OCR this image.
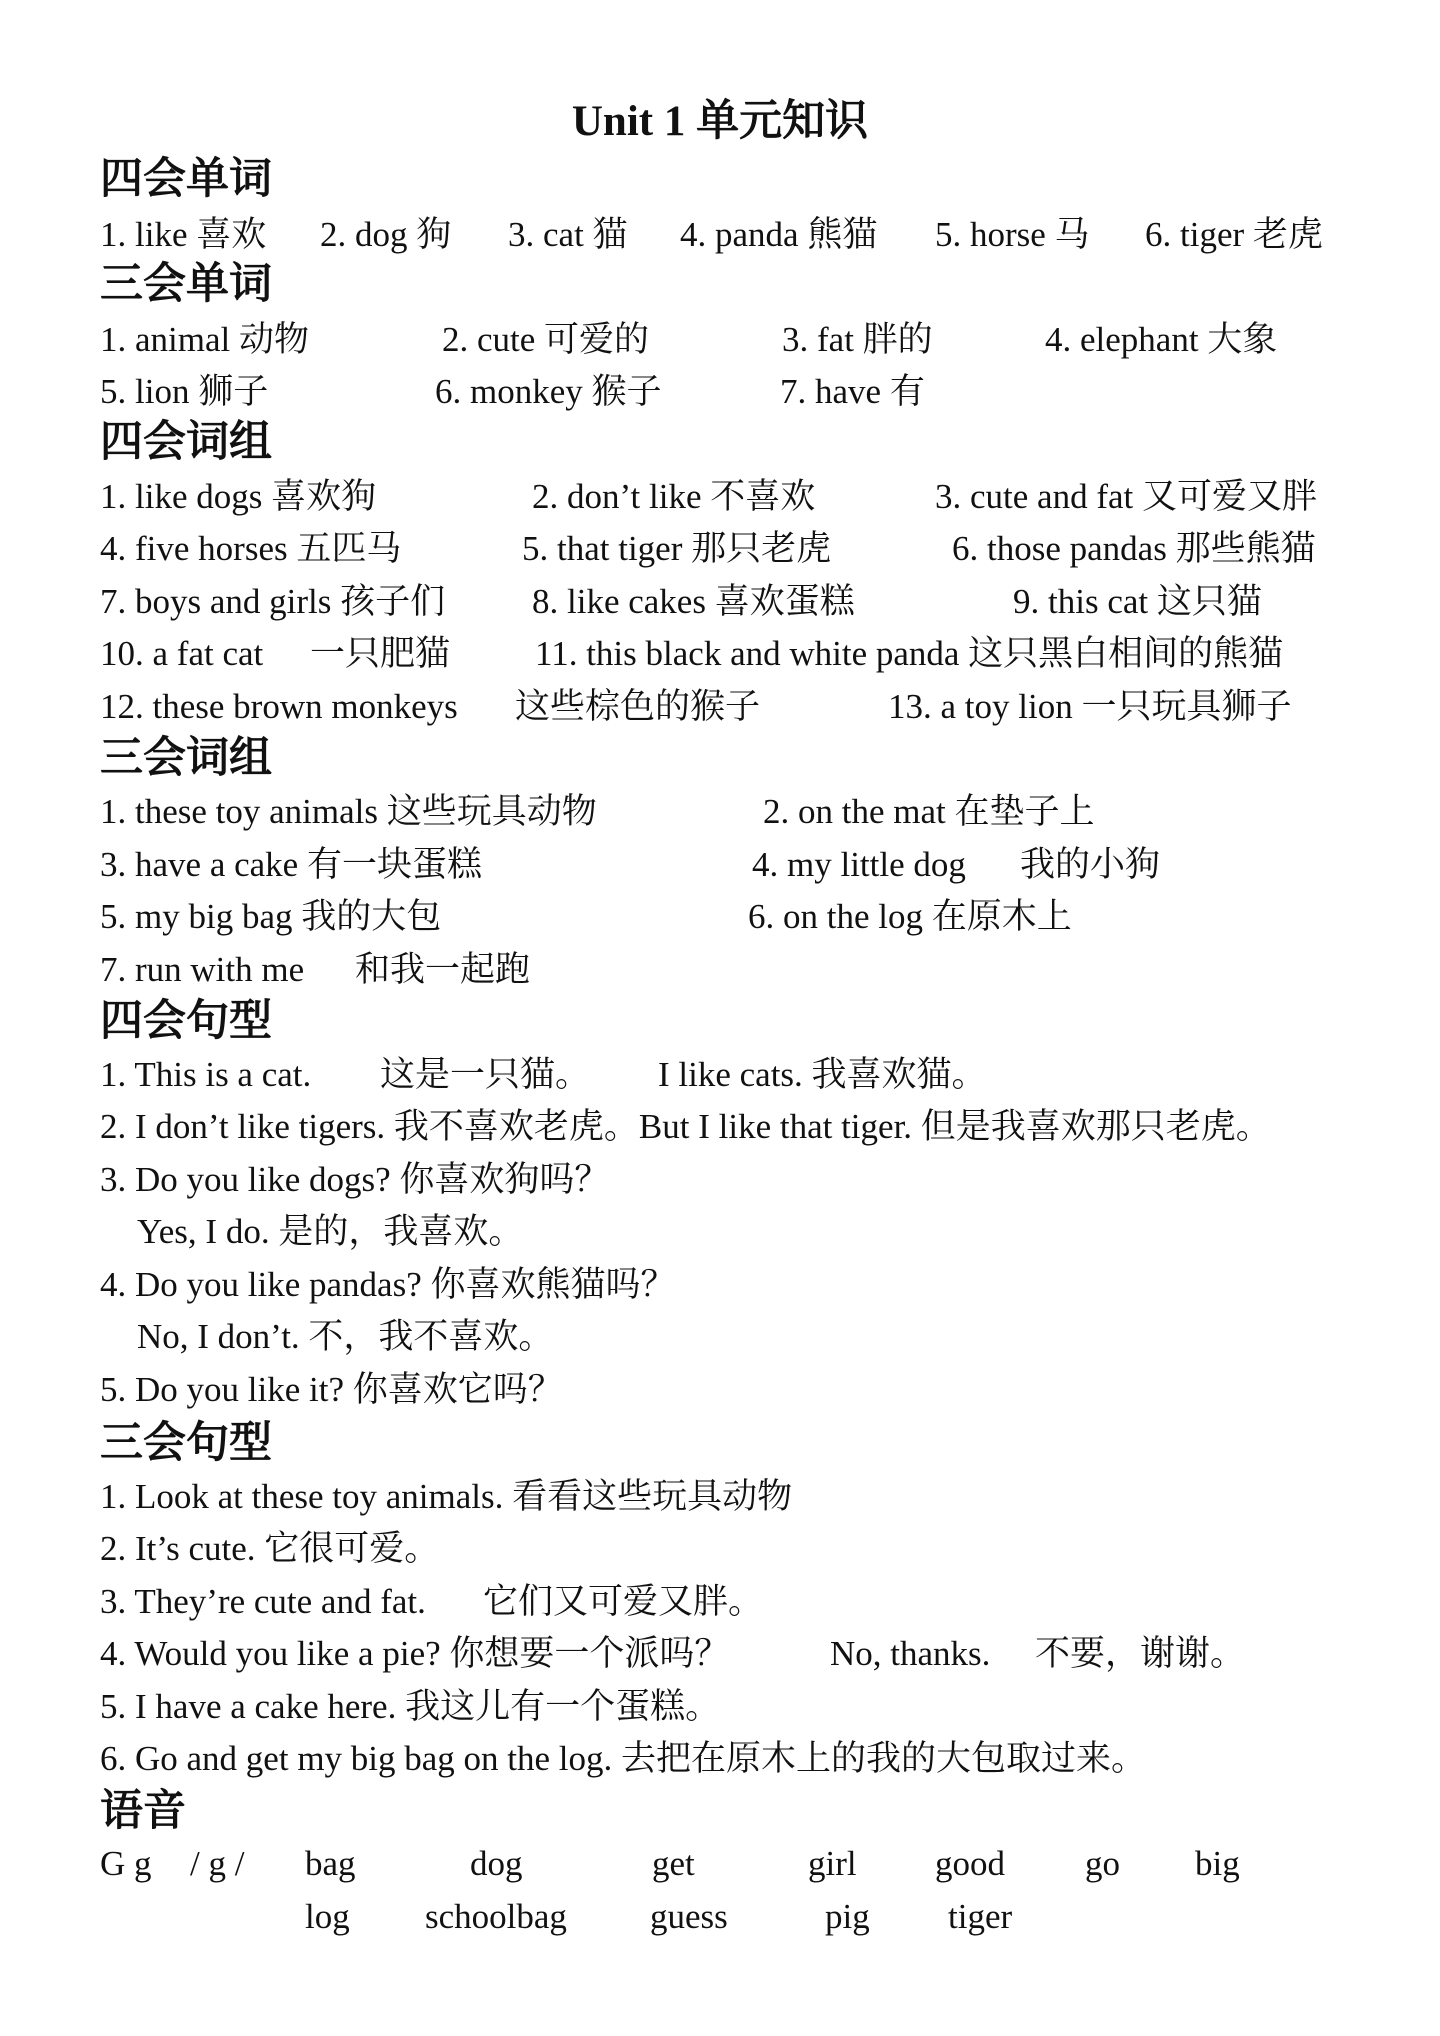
Unit 1 单元知识
四会单词
1. like 喜欢 2. dog 狗 3. cat 猫 4. panda 熊猫 5. horse 马 6. tiger 老虎
三会单词
1. animal 动物	2. cute 可爱的	3. fat 胖的	4. elephant 大象
5. lion 狮子	6. monkey 猴子	7. have 有
四会词组
1. like dogs 喜欢狗	2. don’t like 不喜欢	3. cute and fat 又可爱又胖
4. five horses 五匹马	5. that tiger 那只老虎	6. those pandas 那些熊猫
7. boys and girls 孩子们 8. like cakes 喜欢蛋糕	9. this cat 这只猫
10. a fat cat 一只肥猫 11. this black and white panda 这只黑白相间的熊猫
12. these brown monkeys 这些棕色的猴子	13. a toy lion 一只玩具狮子
三会词组
1. these toy animals 这些玩具动物	2. on the mat 在垫子上
3. have a cake 有一块蛋糕	4. my little dog 我的小狗
5. my big bag 我的大包	6. on the log 在原木上
7. run with me 和我一起跑
四会句型
1. This is a cat. 这是一只猫。 I like cats. 我喜欢猫。
2. I don’t like tigers. 我不喜欢老虎。But I like that tiger. 但是我喜欢那只老虎。
3. Do you like dogs? 你喜欢狗吗？
Yes, I do. 是的，我喜欢。
4. Do you like pandas? 你喜欢熊猫吗？
No, I don’t. 不，我不喜欢。
5. Do you like it? 你喜欢它吗？
三会句型
1. Look at these toy animals. 看看这些玩具动物
2. It’s cute. 它很可爱。
3. They’re cute and fat. 它们又可爱又胖。
4. Would you like a pie? 你想要一个派吗？	No, thanks. 不要，谢谢。
5. I have a cake here. 我这儿有一个蛋糕。
6. Go and get my big bag on the log. 去把在原木上的我的大包取过来。
语音
G g / g / bag	dog	get	girl good go big
log schoolbag guess	pig tiger
